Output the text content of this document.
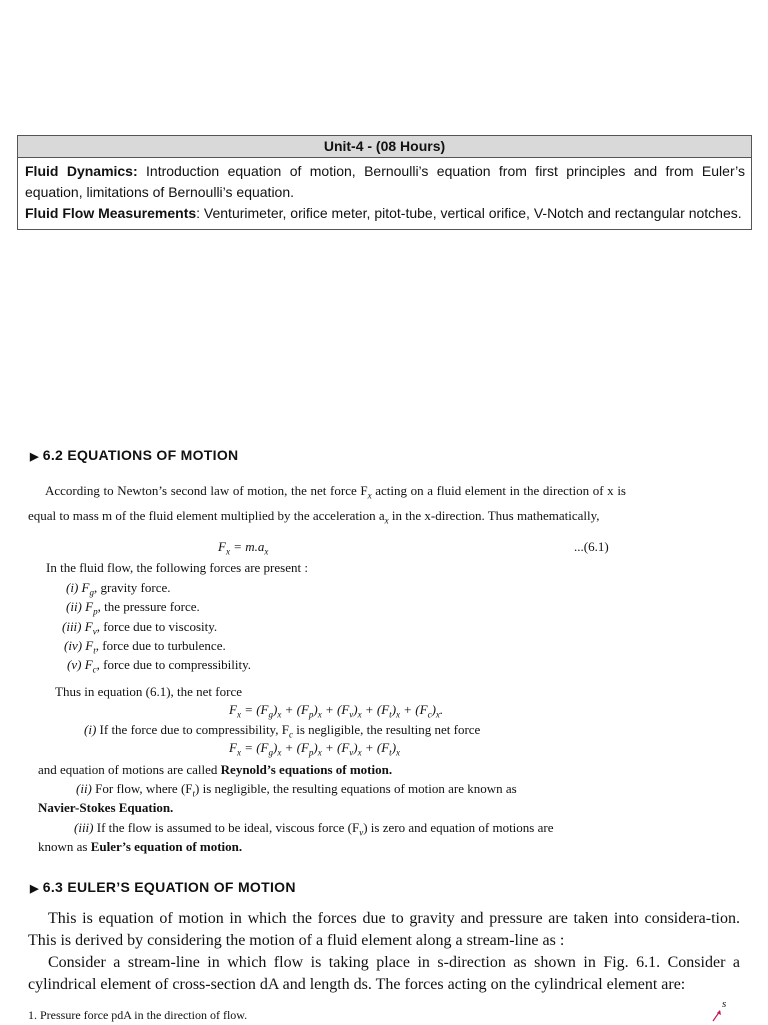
Unit-4 - (08 Hours)

Fluid Dynamics: Introduction equation of motion, Bernoulli’s equation from first principles and from Euler’s equation, limitations of Bernoulli’s equation.

Fluid Flow Measurements: Venturimeter, orifice meter, pitot-tube, vertical orifice, V-Notch and rectangular notches.

▶ 6.2 EQUATIONS OF MOTION
According to Newton’s second law of motion, the net force $F_x$ acting on a fluid element in the direction of x is equal to mass m of the fluid element multiplied by the acceleration $a_x$ in the x-direction. Thus mathematically,
$F_x = m.a_x$	...(6.1)
In the fluid flow, the following forces are present :
(i) $F_g$, gravity force.
(ii) $F_p$, the pressure force.
(iii) $F_v$, force due to viscosity.
(iv) $F_t$, force due to turbulence.
(v) $F_c$, force due to compressibility.
Thus in equation (6.1), the net force
$F_x = (F_g)_x + (F_p)_x + (F_v)_x + (F_t)_x + (F_c)_x$.
(i) If the force due to compressibility, $F_c$ is negligible, the resulting net force
$F_x = (F_g)_x + (F_p)_x + (F_v)_x + (F_t)_x$
and equation of motions are called Reynold’s equations of motion.
(ii) For flow, where $(F_t)$ is negligible, the resulting equations of motion are known as
Navier-Stokes Equation.
(iii) If the flow is assumed to be ideal, viscous force $(F_v)$ is zero and equation of motions are
known as Euler’s equation of motion.
▶ 6.3 EULER’S EQUATION OF MOTION
This is equation of motion in which the forces due to gravity and pressure are taken into considera-tion. This is derived by considering the motion of a fluid element along a stream-line as :
Consider a stream-line in which flow is taking place in s-direction as shown in Fig. 6.1. Consider a cylindrical element of cross-section dA and length ds. The forces acting on the cylindrical element are:
1. Pressure force pdA in the direction of flow.
s
